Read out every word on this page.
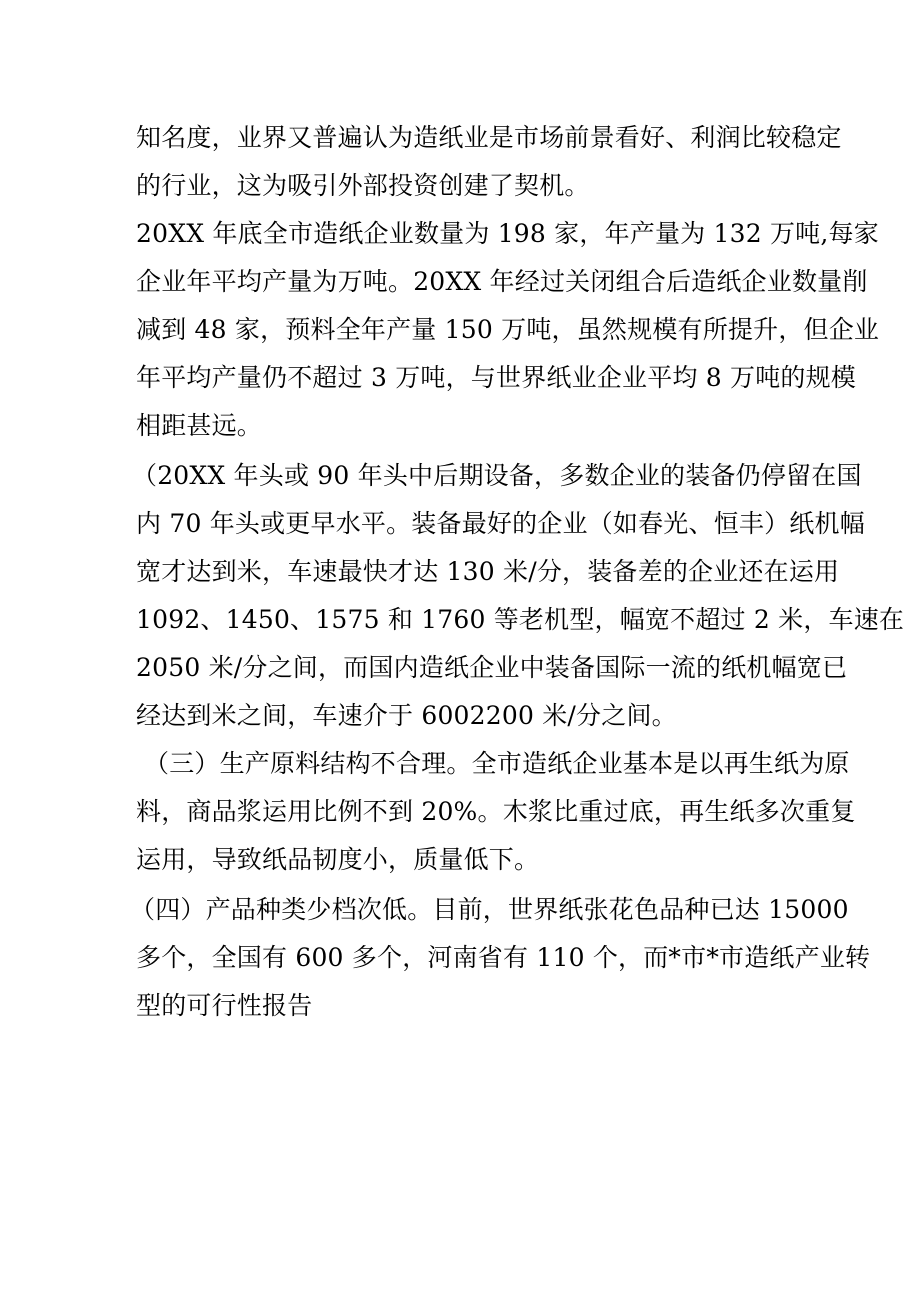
知名度，业界又普遍认为造纸业是市场前景看好、利润比较稳定
的行业，这为吸引外部投资创建了契机。
20XX 年底全市造纸企业数量为 198 家，年产量为 132 万吨,每家
企业年平均产量为万吨。20XX 年经过关闭组合后造纸企业数量削
减到 48 家，预料全年产量 150 万吨，虽然规模有所提升，但企业
年平均产量仍不超过 3 万吨，与世界纸业企业平均 8 万吨的规模
相距甚远。
（20XX 年头或 90 年头中后期设备，多数企业的装备仍停留在国
内 70 年头或更早水平。装备最好的企业（如春光、恒丰）纸机幅
宽才达到米，车速最快才达 130 米/分，装备差的企业还在运用
1092、1450、1575 和 1760 等老机型，幅宽不超过 2 米，车速在
2050 米/分之间，而国内造纸企业中装备国际一流的纸机幅宽已
经达到米之间，车速介于 6002200 米/分之间。
（三）生产原料结构不合理。全市造纸企业基本是以再生纸为原
料，商品浆运用比例不到 20%。木浆比重过底，再生纸多次重复
运用，导致纸品韧度小，质量低下。
（四）产品种类少档次低。目前，世界纸张花色品种已达 15000
多个，全国有 600 多个，河南省有 110 个，而*市*市造纸产业转
型的可行性报告
